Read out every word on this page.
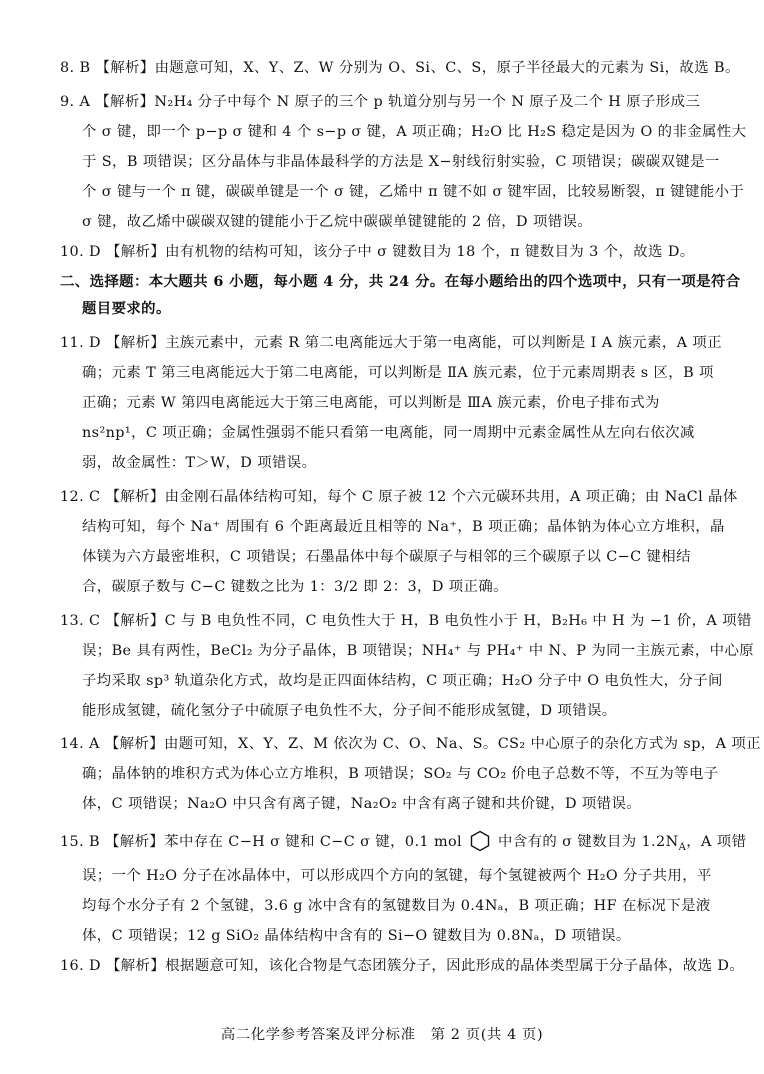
8. B 【解析】由题意可知，X、Y、Z、W 分别为 O、Si、C、S，原子半径最大的元素为 Si，故选 B。
9. A 【解析】N₂H₄ 分子中每个 N 原子的三个 p 轨道分别与另一个 N 原子及二个 H 原子形成三
个 σ 键，即一个 p−p σ 键和 4 个 s−p σ 键，A 项正确；H₂O 比 H₂S 稳定是因为 O 的非金属性大
于 S，B 项错误；区分晶体与非晶体最科学的方法是 X−射线衍射实验，C 项错误；碳碳双键是一
个 σ 键与一个 π 键，碳碳单键是一个 σ 键，乙烯中 π 键不如 σ 键牢固，比较易断裂，π 键键能小于
σ 键，故乙烯中碳碳双键的键能小于乙烷中碳碳单键键能的 2 倍，D 项错误。
10. D 【解析】由有机物的结构可知，该分子中 σ 键数目为 18 个，π 键数目为 3 个，故选 D。
二、选择题：本大题共 6 小题，每小题 4 分，共 24 分。在每小题给出的四个选项中，只有一项是符合
题目要求的。
11. D 【解析】主族元素中，元素 R 第二电离能远大于第一电离能，可以判断是 Ⅰ A 族元素，A 项正
确；元素 T 第三电离能远大于第二电离能，可以判断是 ⅡA 族元素，位于元素周期表 s 区，B 项
正确；元素 W 第四电离能远大于第三电离能，可以判断是 ⅢA 族元素，价电子排布式为
ns²np¹，C 项正确；金属性强弱不能只看第一电离能，同一周期中元素金属性从左向右依次减
弱，故金属性：T＞W，D 项错误。
12. C 【解析】由金刚石晶体结构可知，每个 C 原子被 12 个六元碳环共用，A 项正确；由 NaCl 晶体
结构可知，每个 Na⁺ 周围有 6 个距离最近且相等的 Na⁺，B 项正确；晶体钠为体心立方堆积，晶
体镁为六方最密堆积，C 项错误；石墨晶体中每个碳原子与相邻的三个碳原子以 C−C 键相结
合，碳原子数与 C−C 键数之比为 1：3/2 即 2：3，D 项正确。
13. C 【解析】C 与 B 电负性不同，C 电负性大于 H，B 电负性小于 H，B₂H₆ 中 H 为 −1 价，A 项错
误；Be 具有两性，BeCl₂ 为分子晶体，B 项错误；NH₄⁺ 与 PH₄⁺ 中 N、P 为同一主族元素，中心原
子均采取 sp³ 轨道杂化方式，故均是正四面体结构，C 项正确；H₂O 分子中 O 电负性大，分子间
能形成氢键，硫化氢分子中硫原子电负性不大，分子间不能形成氢键，D 项错误。
14. A 【解析】由题可知，X、Y、Z、M 依次为 C、O、Na、S。CS₂ 中心原子的杂化方式为 sp，A 项正
确；晶体钠的堆积方式为体心立方堆积，B 项错误；SO₂ 与 CO₂ 价电子总数不等，不互为等电子
体，C 项错误；Na₂O 中只含有离子键，Na₂O₂ 中含有离子键和共价键，D 项错误。
15. B 【解析】苯中存在 C−H σ 键和 C−C σ 键，0.1 mol 中含有的 σ 键数目为 $1.2N_A$，A 项错
误；一个 H₂O 分子在冰晶体中，可以形成四个方向的氢键，每个氢键被两个 H₂O 分子共用，平
均每个水分子有 2 个氢键，3.6 g 冰中含有的氢键数目为 0.4Nₐ，B 项正确；HF 在标况下是液
体，C 项错误；12 g SiO₂ 晶体结构中含有的 Si−O 键数目为 0.8Nₐ，D 项错误。
16. D 【解析】根据题意可知，该化合物是气态团簇分子，因此形成的晶体类型属于分子晶体，故选 D。
高二化学参考答案及评分标准　第 2 页(共 4 页)
